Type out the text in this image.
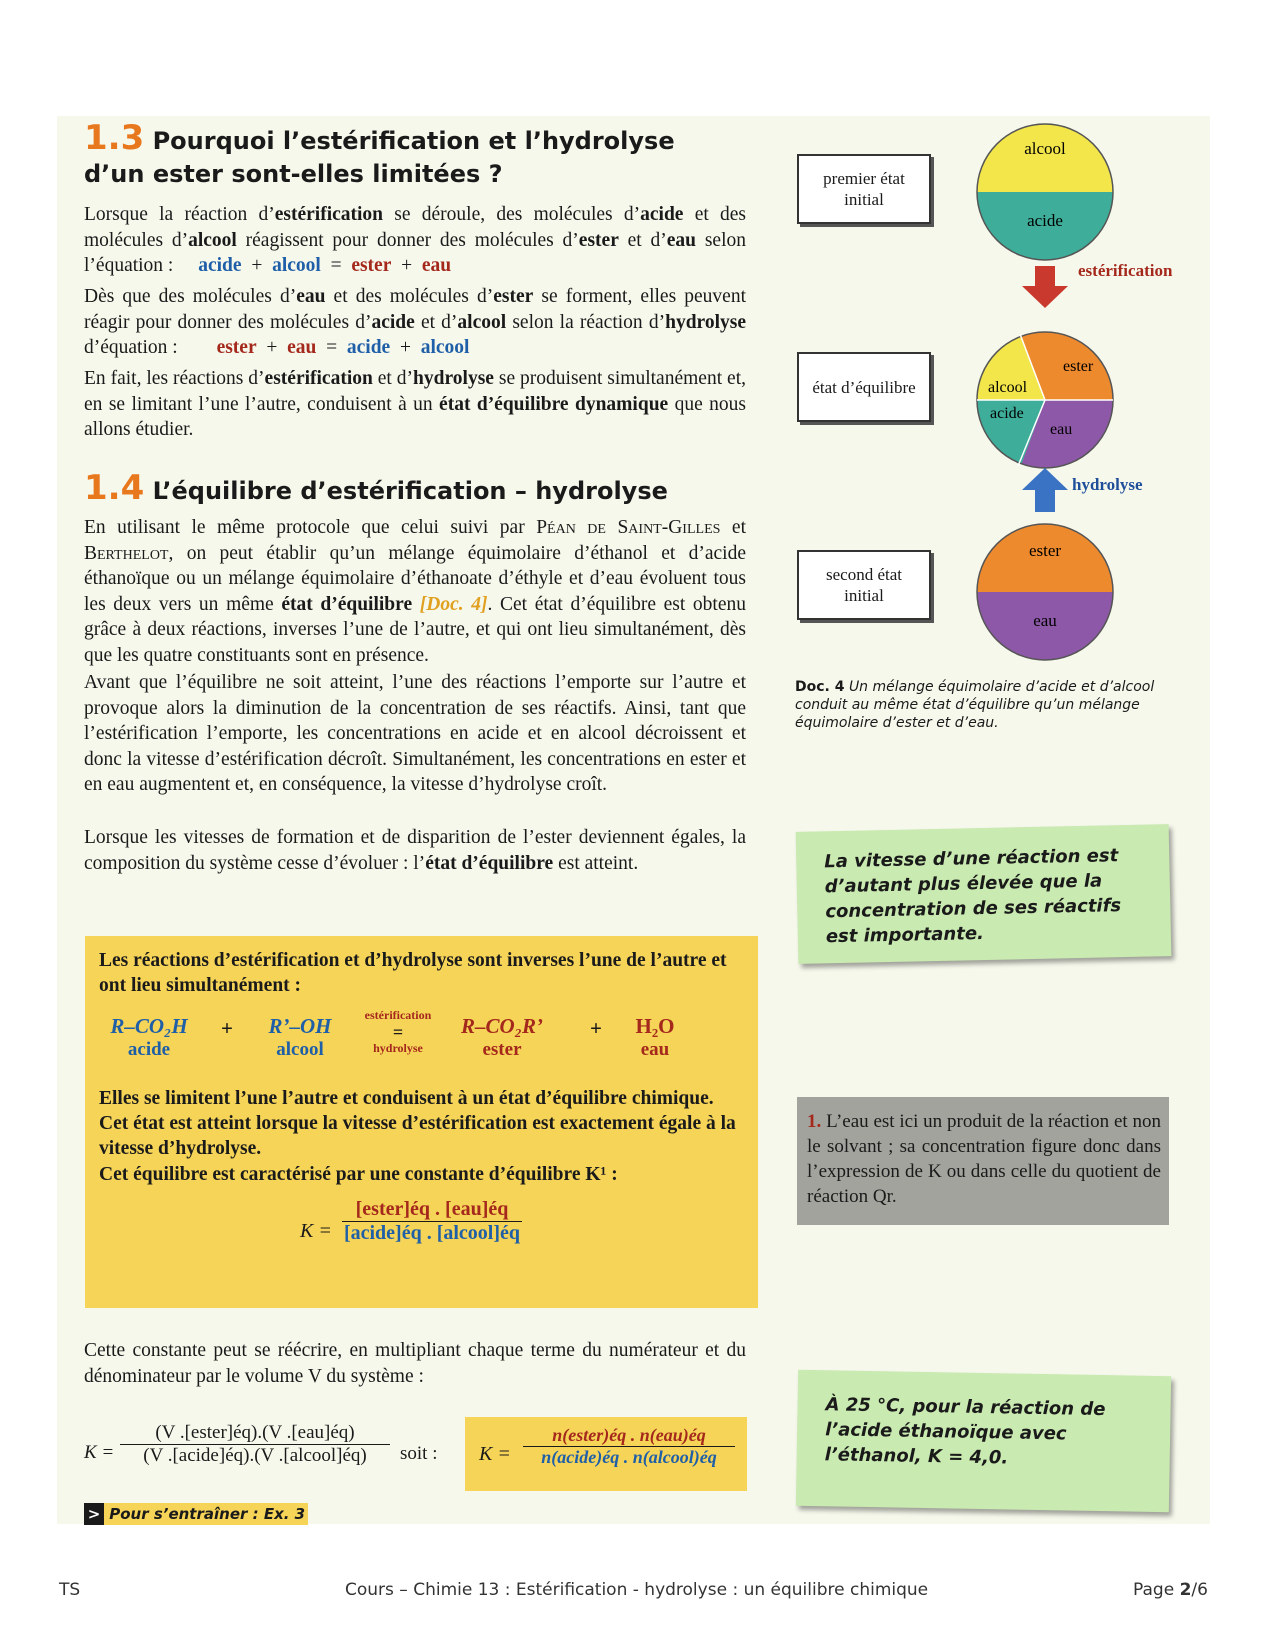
1.3 Pourquoi l’estérification et l’hydrolyse
d’un ester sont-elles limitées ?
Lorsque la réaction d’estérification se déroule, des molécules d’acide et des molécules d’alcool réagissent pour donner des molécules d’ester et d’eau selon l’équation : acide + alcool = ester + eau
Dès que des molécules d’eau et des molécules d’ester se forment, elles peuvent réagir pour donner des molécules d’acide et d’alcool selon la réaction d’hydrolyse d’équation : ester + eau = acide + alcool
En fait, les réactions d’estérification et d’hydrolyse se produisent simultanément et, en se limitant l’une l’autre, conduisent à un état d’équilibre dynamique que nous allons étudier.
1.4 L’équilibre d’estérification – hydrolyse
En utilisant le même protocole que celui suivi par Péan de Saint-Gilles et Berthelot, on peut établir qu’un mélange équimolaire d’éthanol et d’acide éthanoïque ou un mélange équimolaire d’éthanoate d’éthyle et d’eau évoluent tous les deux vers un même état d’équilibre [Doc. 4]. Cet état d’équilibre est obtenu grâce à deux réactions, inverses l’une de l’autre, et qui ont lieu simultanément, dès que les quatre constituants sont en présence.
Avant que l’équilibre ne soit atteint, l’une des réactions l’emporte sur l’autre et provoque alors la diminution de la concentration de ses réactifs. Ainsi, tant que l’estérification l’emporte, les concentrations en acide et en alcool décroissent et donc la vitesse d’estérification décroît. Simultanément, les concentrations en ester et en eau augmentent et, en conséquence, la vitesse d’hydrolyse croît.
Lorsque les vitesses de formation et de disparition de l’ester deviennent égales, la composition du système cesse d’évoluer : l’état d’équilibre est atteint.
Les réactions d’estérification et d’hydrolyse sont inverses l’une de l’autre et ont lieu simultanément :
R–CO₂H
acide
+	R’–OH
alcool
estérification
=
hydrolyse
R–CO₂R’
ester
+	H₂O
eau
Elles se limitent l’une l’autre et conduisent à un état d’équilibre chimique. Cet état est atteint lorsque la vitesse d’estérification est exactement égale à la vitesse d’hydrolyse.
Cet équilibre est caractérisé par une constante d’équilibre K¹ :
K =
[ester]éq . [eau]éq
[acide]éq . [alcool]éq
Cette constante peut se réécrire, en multipliant chaque terme du numérateur et du dénominateur par le volume V du système :
K =
(V .[ester]éq).(V .[eau]éq)
(V .[acide]éq).(V .[alcool]éq)	soit : K =
n(ester)éq . n(eau)éq
n(acide)éq . n(alcool)éq
> Pour s’entraîner : Ex. 3
premier état initial
état d’équilibre
second état initial
alcool
acide
estérification
ester
alcool
acide
eau
hydrolyse
ester
eau
Doc. 4 Un mélange équimolaire d’acide et d’alcool conduit au même état d’équilibre qu’un mélange équimolaire d’ester et d’eau.
La vitesse d’une réaction est d’autant plus élevée que la concentration de ses réactifs est importante.
1. L’eau est ici un produit de la réaction et non le solvant ; sa concentration figure donc dans l’expression de K ou dans celle du quotient de réaction Qr.
À 25 °C, pour la réaction de l’acide éthanoïque avec l’éthanol, K = 4,0.
TS	Cours – Chimie 13 : Estérification - hydrolyse : un équilibre chimique	Page 2/6
